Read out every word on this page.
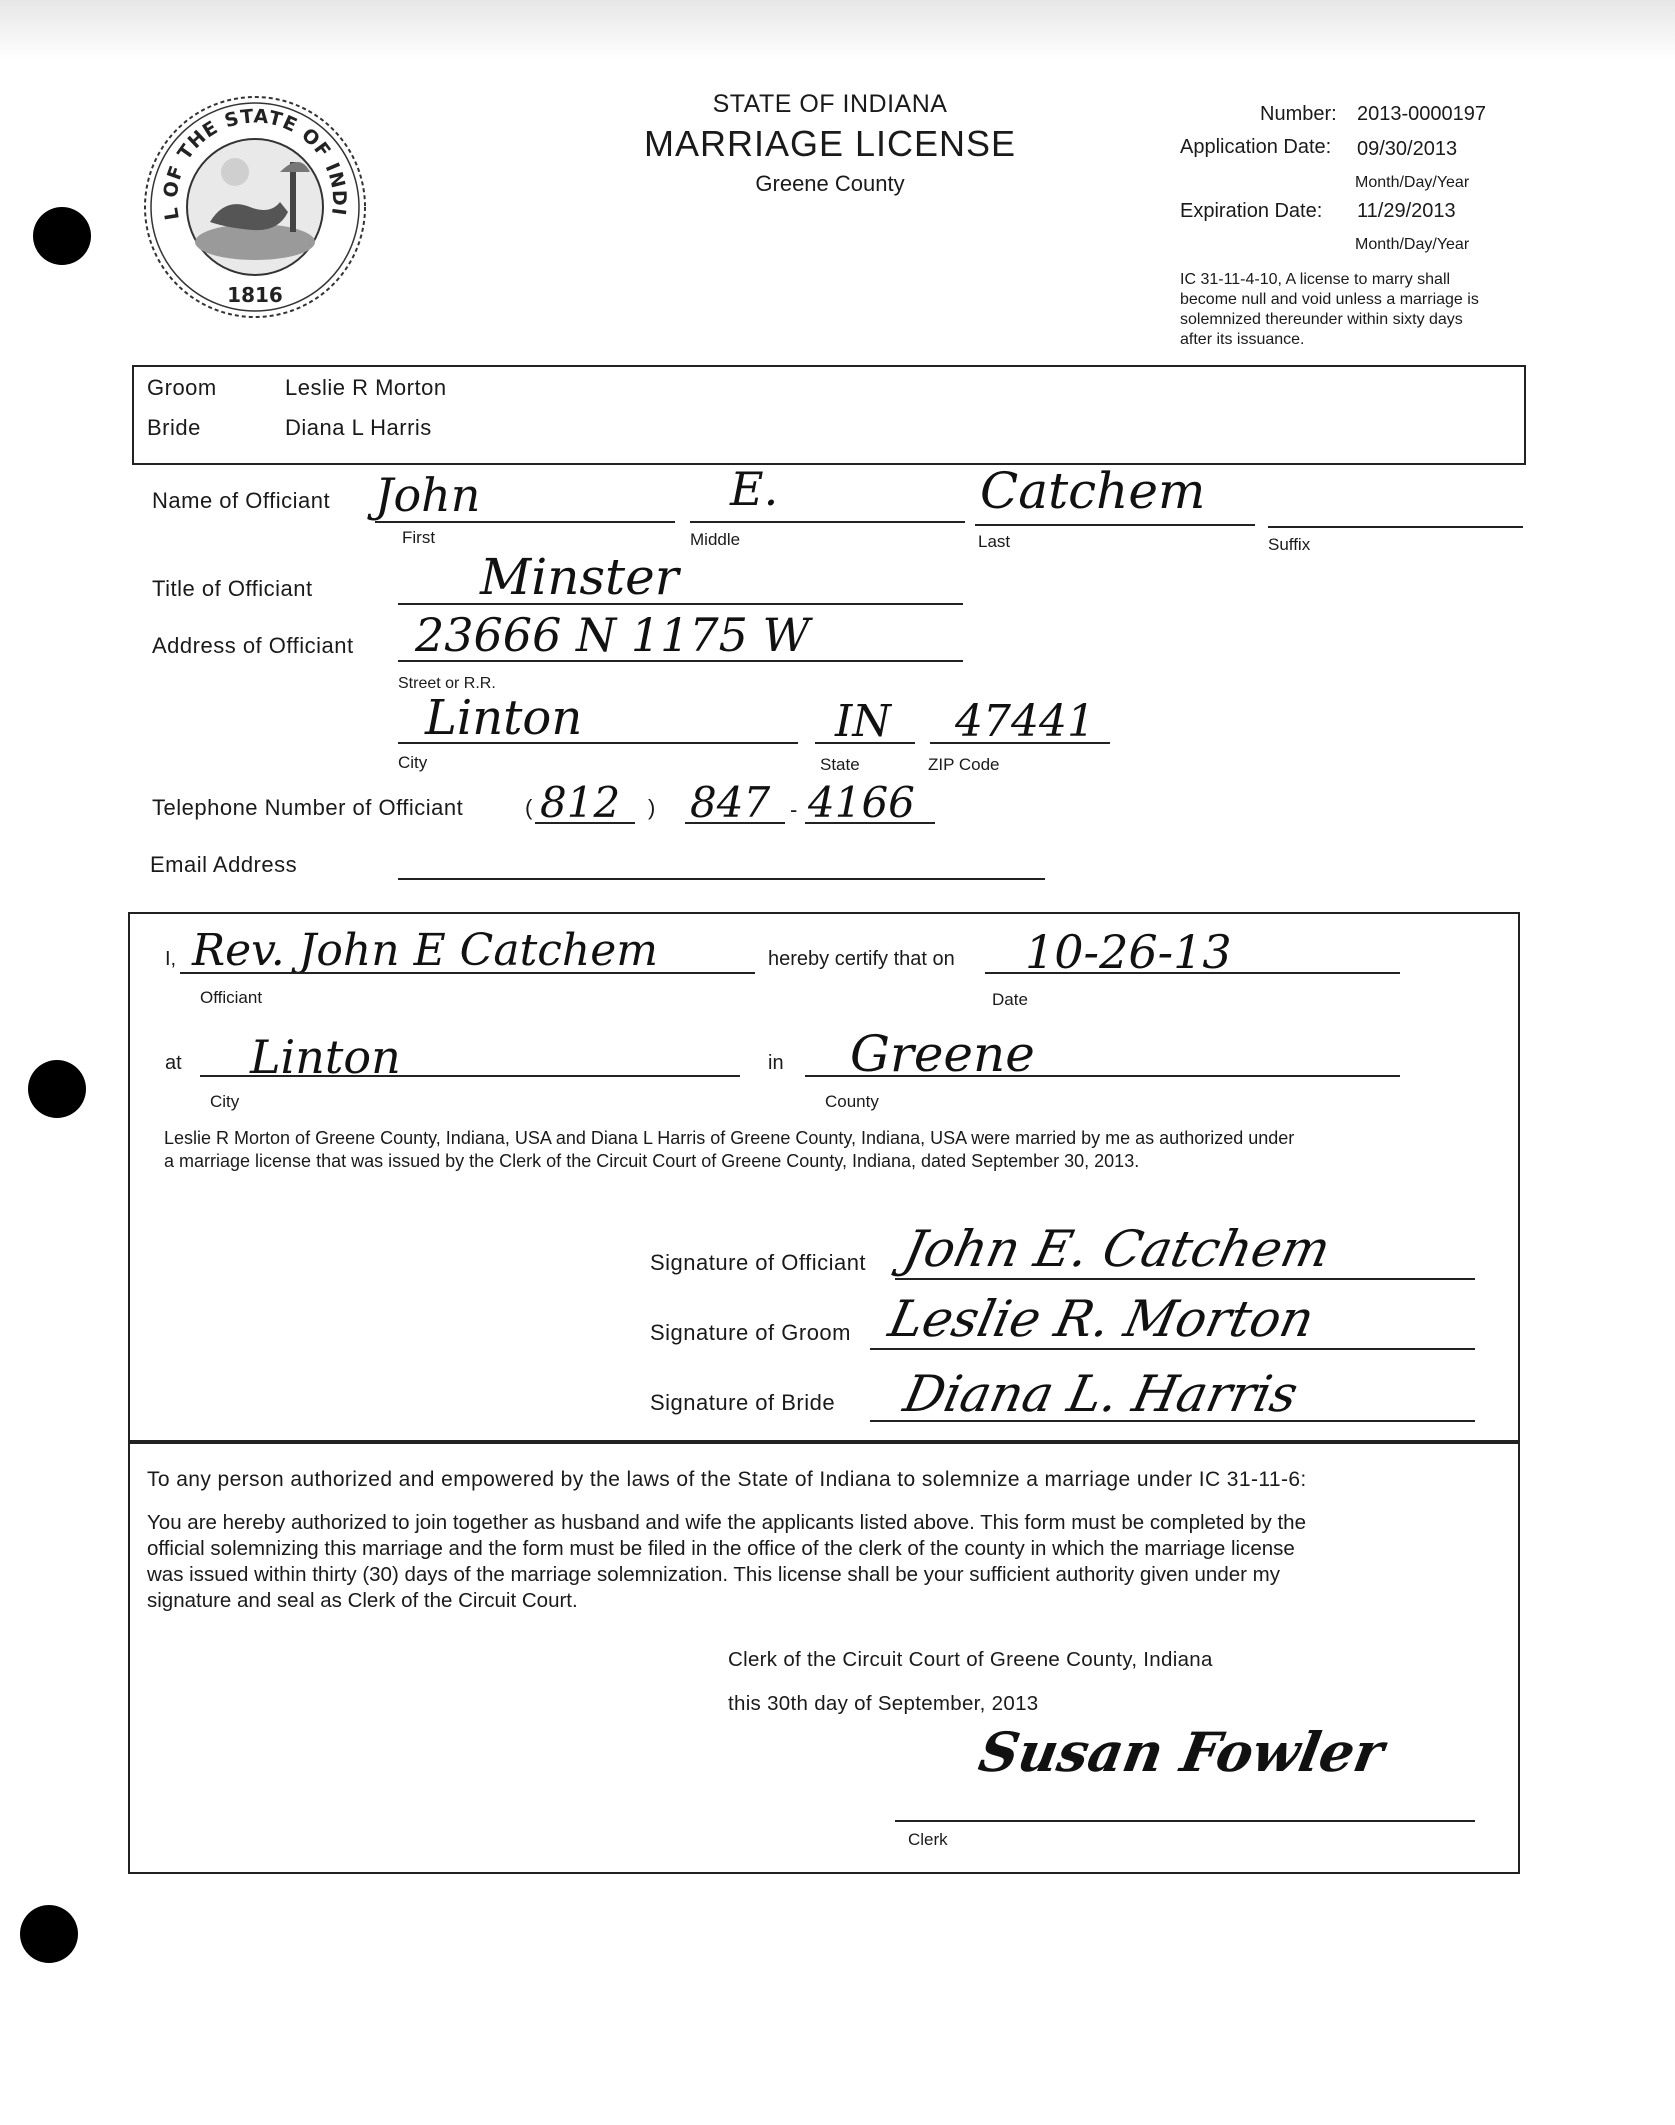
1816
L OF THE STATE OF INDI
STATE OF INDIANA
MARRIAGE LICENSE
Greene County
Number: 2013-0000197
Application Date: 09/30/2013
Month/Day/Year
Expiration Date: 11/29/2013
Month/Day/Year
IC 31-11-4-10, A license to marry shall become null and void unless a marriage is solemnized thereunder within sixty days after its issuance.
Groom	Leslie R Morton
Bride	Diana L Harris
Name of Officiant John
First
E.
Middle
Catchem
Last	Suffix
Title of Officiant	Minster
Address of Officiant 23666 N 1175 W
Street or R.R.
Linton
City
IN
State
47441
ZIP Code
Telephone Number of Officiant	( 812 ) 847 - 4166
Email Address
I, Rev. John E Catchem
Officiant
hereby certify that on 10-26-13
Date
at Linton
City
in Greene
County
Leslie R Morton of Greene County, Indiana, USA and Diana L Harris of Greene County, Indiana, USA were married by me as authorized under
a marriage license that was issued by the Clerk of the Circuit Court of Greene County, Indiana, dated September 30, 2013.
Signature of Officiant John E. Catchem
Signature of Groom Leslie R. Morton
Signature of Bride Diana L. Harris
To any person authorized and empowered by the laws of the State of Indiana to solemnize a marriage under IC 31-11-6:
You are hereby authorized to join together as husband and wife the applicants listed above. This form must be completed by the
official solemnizing this marriage and the form must be filed in the office of the clerk of the county in which the marriage license
was issued within thirty (30) days of the marriage solemnization. This license shall be your sufficient authority given under my
signature and seal as Clerk of the Circuit Court.
Clerk of the Circuit Court of Greene County, Indiana
this 30th day of September, 2013
Susan Fowler
Clerk
